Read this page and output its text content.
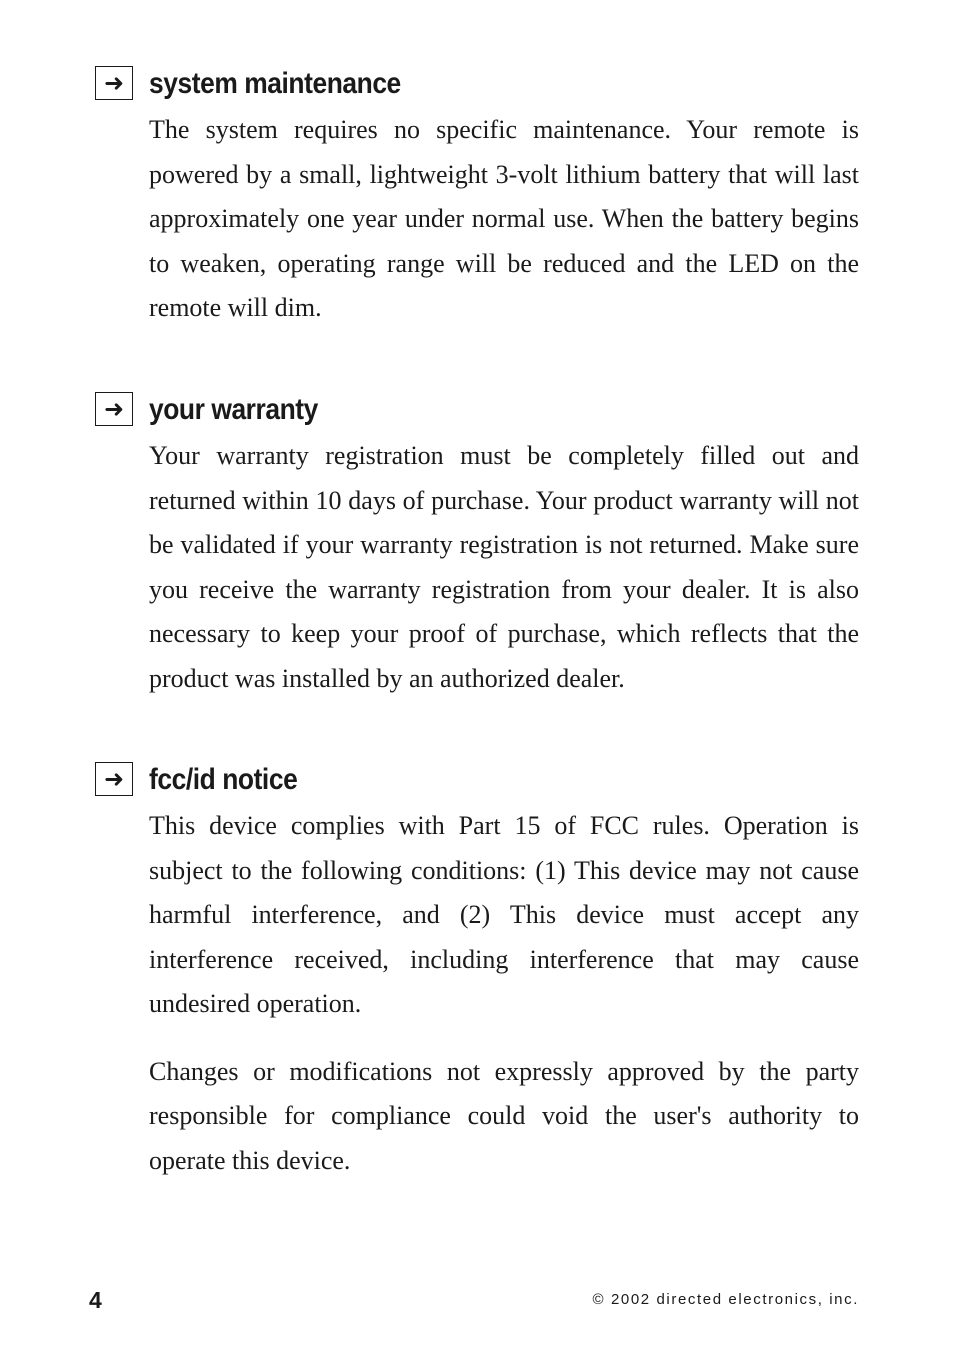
➜ system maintenance

The system requires no specific maintenance. Your remote is powered by a small, lightweight 3-volt lithium battery that will last approximately one year under normal use. When the battery begins to weaken, operating range will be reduced and the LED on the remote will dim.

➜ your warranty

Your warranty registration must be completely filled out and returned within 10 days of purchase. Your product warranty will not be validated if your warranty registration is not returned. Make sure you receive the warranty registration from your dealer. It is also necessary to keep your proof of purchase, which reflects that the product was installed by an authorized dealer.

➜ fcc/id notice

This device complies with Part 15 of FCC rules. Operation is subject to the following conditions: (1) This device may not cause harmful interference, and (2) This device must accept any interference received, including interference that may cause undesired operation.

Changes or modifications not expressly approved by the party responsible for compliance could void the user's authority to operate this device.

4	© 2002 directed electronics, inc.
